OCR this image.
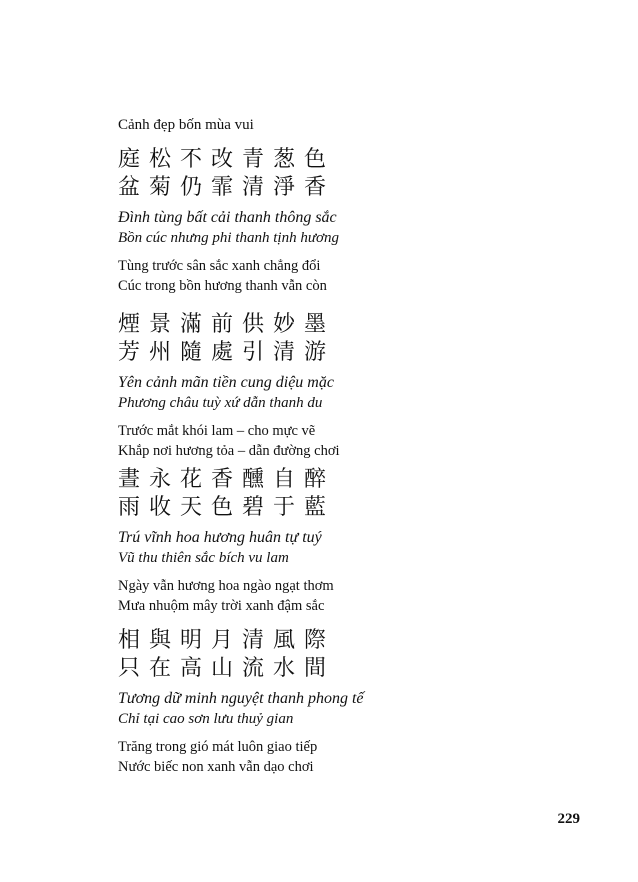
Cảnh đẹp bốn mùa vui
庭松不改青葱色
盆菊仍霏清淨香
Đình tùng bất cải thanh thông sắc
Bồn cúc nhưng phi thanh tịnh hương
Tùng trước sân sắc xanh chẳng đổi
Cúc trong bồn hương thanh vẫn còn
煙景滿前供妙墨
芳州隨處引清游
Yên cảnh mãn tiền cung diệu mặc
Phương châu tuỳ xứ dẫn thanh du
Trước mắt khói lam – cho mực vẽ
Khắp nơi hương tỏa – dẫn đường chơi
晝永花香醺自醉
雨收天色碧于藍
Trú vĩnh hoa hương huân tự tuý
Vũ thu thiên sắc bích vu lam
Ngày vẫn hương hoa ngào ngạt thơm
Mưa nhuộm mây trời xanh đậm sắc
相與明月清風際
只在高山流水間
Tương dữ minh nguyệt thanh phong tế
Chỉ tại cao sơn lưu thuỷ gian
Trăng trong gió mát luôn giao tiếp
Nước biếc non xanh vẫn dạo chơi
229
